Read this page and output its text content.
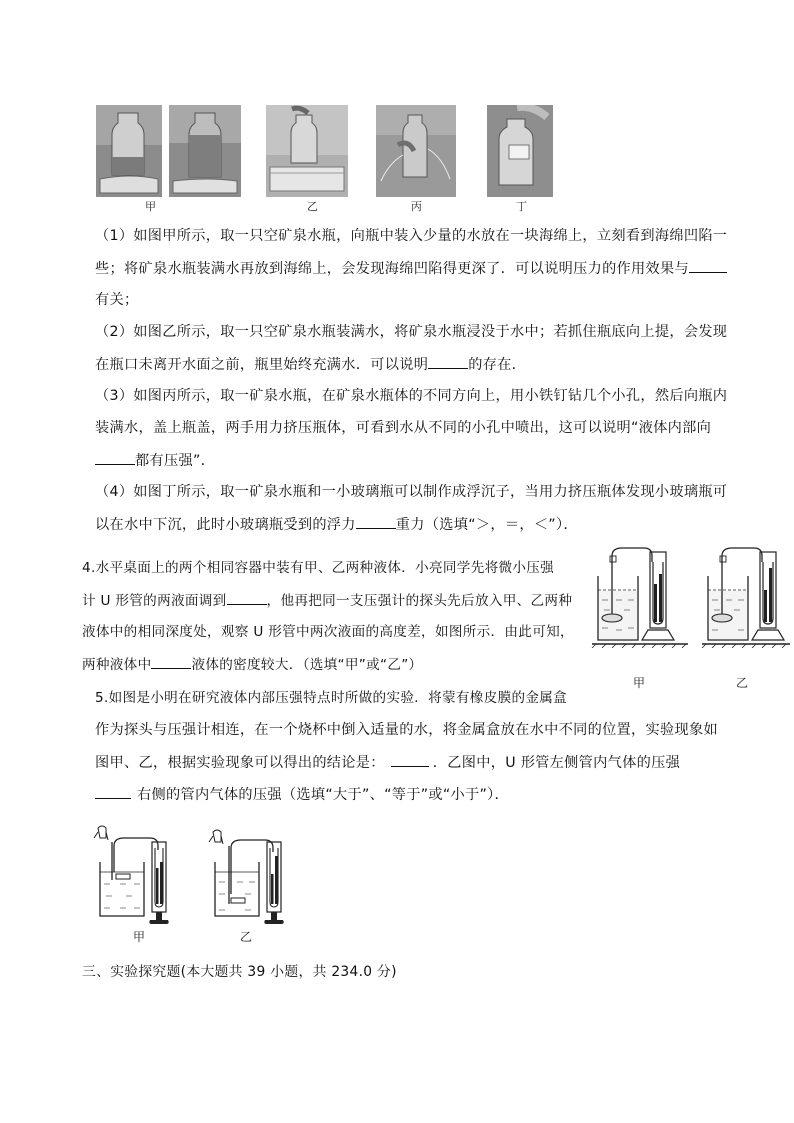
甲	乙	丙	丁
（1）如图甲所示，取一只空矿泉水瓶，向瓶中装入少量的水放在一块海绵上，立刻看到海绵凹陷一
些；将矿泉水瓶装满水再放到海绵上，会发现海绵凹陷得更深了．可以说明压力的作用效果与
有关；
（2）如图乙所示，取一只空矿泉水瓶装满水，将矿泉水瓶浸没于水中；若抓住瓶底向上提，会发现
在瓶口未离开水面之前，瓶里始终充满水．可以说明	的存在．
（3）如图丙所示，取一矿泉水瓶，在矿泉水瓶体的不同方向上，用小铁钉钻几个小孔，然后向瓶内
装满水，盖上瓶盖，两手用力挤压瓶体，可看到水从不同的小孔中喷出，这可以说明“液体内部向
都有压强”．
（4）如图丁所示，取一矿泉水瓶和一小玻璃瓶可以制作成浮沉子，当用力挤压瓶体发现小玻璃瓶可
以在水中下沉，此时小玻璃瓶受到的浮力	重力（选填“＞，＝，＜”）．
4.水平桌面上的两个相同容器中装有甲、乙两种液体．小亮同学先将微小压强
计 U 形管的两液面调到	，他再把同一支压强计的探头先后放入甲、乙两种
液体中的相同深度处，观察 U 形管中两次液面的高度差，如图所示．由此可知，
两种液体中	液体的密度较大．（选填“甲”或“乙”）
甲	乙
5.如图是小明在研究液体内部压强特点时所做的实验．将蒙有橡皮膜的金属盒
作为探头与压强计相连，在一个烧杯中倒入适量的水，将金属盒放在水中不同的位置，实验现象如
图甲、乙，根据实验现象可以得出的结论是：	．乙图中，U 形管左侧管内气体的压强
右侧的管内气体的压强（选填“大于”、“等于”或“小于”）．
甲	乙
三、实验探究题(本大题共 39 小题，共 234.0 分)
